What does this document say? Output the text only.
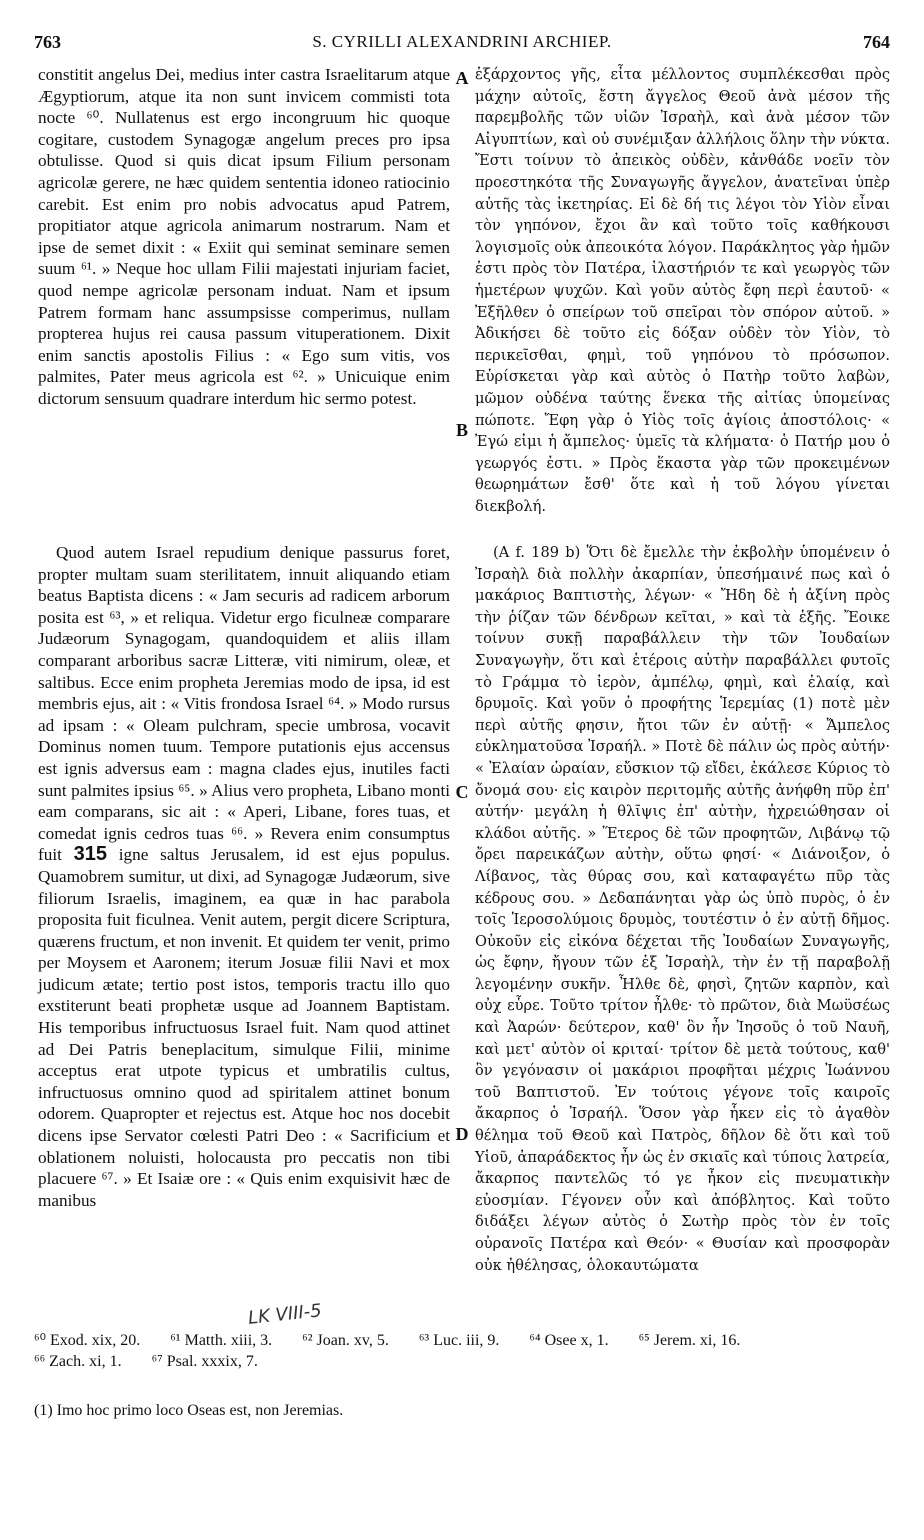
763	S. CYRILLI ALEXANDRINI ARCHIEP.	764

constitit angelus Dei, medius inter castra Israelitarum atque Ægyptiorum, atque ita non sunt invicem commisti tota nocte ⁶⁰. Nullatenus est ergo incongruum hic quoque cogitare, custodem Synagogæ angelum preces pro ipsa obtulisse. Quod si quis dicat ipsum Filium personam agricolæ gerere, ne hæc quidem sententia idoneo ratiocinio carebit. Est enim pro nobis advocatus apud Patrem, propitiator atque agricola animarum nostrarum. Nam et ipse de semet dixit : « Exiit qui seminat seminare semen suum ⁶¹. » Neque hoc ullam Filii majestati injuriam faciet, quod nempe agricolæ personam induat. Nam et ipsum Patrem formam hanc assumpsisse comperimus, nullam propterea hujus rei causa passum vituperationem. Dixit enim sanctis apostolis Filius : « Ego sum vitis, vos palmites, Pater meus agricola est ⁶². » Unicuique enim dictorum sensuum quadrare interdum hic sermo potest.

A
B
C
D

ἐξάρχοντος γῆς, εἶτα μέλλοντος συμπλέκεσθαι πρὸς μάχην αὐτοῖς, ἔστη ἄγγελος Θεοῦ ἀνὰ μέσον τῆς παρεμβολῆς τῶν υἱῶν Ἰσραὴλ, καὶ ἀνὰ μέσον τῶν Αἰγυπτίων, καὶ οὐ συνέμιξαν ἀλλήλοις ὅλην τὴν νύκτα. Ἔστι τοίνυν τὸ ἀπεικὸς οὐδὲν, κἀνθάδε νοεῖν τὸν προεστηκότα τῆς Συναγωγῆς ἄγγελον, ἀνατεῖναι ὑπὲρ αὐτῆς τὰς ἱκετηρίας. Εἰ δὲ δή τις λέγοι τὸν Υἱὸν εἶναι τὸν γηπόνον, ἔχοι ἂν καὶ τοῦτο τοῖς καθήκουσι λογισμοῖς οὐκ ἀπεοικότα λόγον. Παράκλητος γὰρ ἡμῶν ἐστι πρὸς τὸν Πατέρα, ἱλαστήριόν τε καὶ γεωργὸς τῶν ἡμετέρων ψυχῶν. Καὶ γοῦν αὐτὸς ἔφη περὶ ἑαυτοῦ· « Ἐξῆλθεν ὁ σπείρων τοῦ σπεῖραι τὸν σπόρον αὐτοῦ. » Ἀδικήσει δὲ τοῦτο εἰς δόξαν οὐδὲν τὸν Υἱὸν, τὸ περικεῖσθαι, φημὶ, τοῦ γηπόνου τὸ πρόσωπον. Εὑρίσκεται γὰρ καὶ αὐτὸς ὁ Πατὴρ τοῦτο λαβὼν, μῶμον οὐδένα ταύτης ἕνεκα τῆς αἰτίας ὑπομείνας πώποτε. Ἔφη γὰρ ὁ Υἱὸς τοῖς ἁγίοις ἀποστόλοις· « Ἐγώ εἰμι ἡ ἄμπελος· ὑμεῖς τὰ κλήματα· ὁ Πατήρ μου ὁ γεωργός ἐστι. » Πρὸς ἕκαστα γὰρ τῶν προκειμένων θεωρημάτων ἔσθ' ὅτε καὶ ἡ τοῦ λόγου γίνεται διεκβολή.

Quod autem Israel repudium denique passurus foret, propter multam suam sterilitatem, innuit aliquando etiam beatus Baptista dicens : « Jam securis ad radicem arborum posita est ⁶³, » et reliqua. Videtur ergo ficulneæ comparare Judæorum Synagogam, quandoquidem et aliis illam comparant arboribus sacræ Litteræ, viti nimirum, oleæ, et saltibus. Ecce enim propheta Jeremias modo de ipsa, id est membris ejus, ait : « Vitis frondosa Israel ⁶⁴. » Modo rursus ad ipsam : « Oleam pulchram, specie umbrosa, vocavit Dominus nomen tuum. Tempore putationis ejus accensus est ignis adversus eam : magna clades ejus, inutiles facti sunt palmites ipsius ⁶⁵. » Alius vero propheta, Libano monti eam comparans, sic ait : « Aperi, Libane, fores tuas, et comedat ignis cedros tuas ⁶⁶. » Revera enim consumptus fuit 315 igne saltus Jerusalem, id est ejus populus. Quamobrem sumitur, ut dixi, ad Synagogæ Judæorum, sive filiorum Israelis, imaginem, ea quæ in hac parabola proposita fuit ficulnea. Venit autem, pergit dicere Scriptura, quærens fructum, et non invenit. Et quidem ter venit, primo per Moysem et Aaronem; iterum Josuæ filii Navi et mox judicum ætate; tertio post istos, temporis tractu illo quo exstiterunt beati prophetæ usque ad Joannem Baptistam. His temporibus infructuosus Israel fuit. Nam quod attinet ad Dei Patris beneplacitum, simulque Filii, minime acceptus erat utpote typicus et umbratilis cultus, infructuosus omnino quod ad spiritalem attinet bonum odorem. Quapropter et rejectus est. Atque hoc nos docebit dicens ipse Servator cœlesti Patri Deo : « Sacrificium et oblationem noluisti, holocausta pro peccatis non tibi placuere ⁶⁷. » Et Isaiæ ore : « Quis enim exquisivit hæc de manibus

(A f. 189 b) Ὅτι δὲ ἔμελλε τὴν ἐκβολὴν ὑπομένειν ὁ Ἰσραὴλ διὰ πολλὴν ἀκαρπίαν, ὑπεσήμαινέ πως καὶ ὁ μακάριος Βαπτιστὴς, λέγων· « Ἤδη δὲ ἡ ἀξίνη πρὸς τὴν ῥίζαν τῶν δένδρων κεῖται, » καὶ τὰ ἑξῆς. Ἔοικε τοίνυν συκῇ παραβάλλειν τὴν τῶν Ἰουδαίων Συναγωγὴν, ὅτι καὶ ἑτέροις αὐτὴν παραβάλλει φυτοῖς τὸ Γράμμα τὸ ἱερὸν, ἀμπέλῳ, φημὶ, καὶ ἐλαίᾳ, καὶ δρυμοῖς. Καὶ γοῦν ὁ προφήτης Ἱερεμίας (1) ποτὲ μὲν περὶ αὐτῆς φησιν, ἤτοι τῶν ἐν αὐτῇ· « Ἄμπελος εὐκληματοῦσα Ἰσραήλ. » Ποτὲ δὲ πάλιν ὡς πρὸς αὐτήν· « Ἐλαίαν ὡραίαν, εὔσκιον τῷ εἴδει, ἐκάλεσε Κύριος τὸ ὄνομά σου· εἰς καιρὸν περιτομῆς αὐτῆς ἀνήφθη πῦρ ἐπ' αὐτήν· μεγάλη ἡ θλῖψις ἐπ' αὐτὴν, ἠχρειώθησαν οἱ κλάδοι αὐτῆς. » Ἕτερος δὲ τῶν προφητῶν, Λιβάνῳ τῷ ὄρει παρεικάζων αὐτὴν, οὕτω φησί· « Διάνοιξον, ὁ Λίβανος, τὰς θύρας σου, καὶ καταφαγέτω πῦρ τὰς κέδρους σου. » Δεδαπάνηται γὰρ ὡς ὑπὸ πυρὸς, ὁ ἐν τοῖς Ἱεροσολύμοις δρυμὸς, τουτέστιν ὁ ἐν αὐτῇ δῆμος. Οὐκοῦν εἰς εἰκόνα δέχεται τῆς Ἰουδαίων Συναγωγῆς, ὡς ἔφην, ἤγουν τῶν ἐξ Ἰσραὴλ, τὴν ἐν τῇ παραβολῇ λεγομένην συκῆν. Ἦλθε δὲ, φησὶ, ζητῶν καρπὸν, καὶ οὐχ εὗρε. Τοῦτο τρίτον ἦλθε· τὸ πρῶτον, διὰ Μωϋσέως καὶ Ἀαρών· δεύτερον, καθ' ὃν ἦν Ἰησοῦς ὁ τοῦ Ναυῆ, καὶ μετ' αὐτὸν οἱ κριταί· τρίτον δὲ μετὰ τούτους, καθ' ὃν γεγόνασιν οἱ μακάριοι προφῆται μέχρις Ἰωάννου τοῦ Βαπτιστοῦ. Ἐν τούτοις γέγονε τοῖς καιροῖς ἄκαρπος ὁ Ἰσραήλ. Ὅσον γὰρ ἧκεν εἰς τὸ ἀγαθὸν θέλημα τοῦ Θεοῦ καὶ Πατρὸς, δῆλον δὲ ὅτι καὶ τοῦ Υἱοῦ, ἀπαράδεκτος ἦν ὡς ἐν σκιαῖς καὶ τύποις λατρεία, ἄκαρπος παντελῶς τό γε ἧκον εἰς πνευματικὴν εὐοσμίαν. Γέγονεν οὖν καὶ ἀπόβλητος. Καὶ τοῦτο διδάξει λέγων αὐτὸς ὁ Σωτὴρ πρὸς τὸν ἐν τοῖς οὐρανοῖς Πατέρα καὶ Θεόν· « Θυσίαν καὶ προσφορὰν οὐκ ἠθέλησας, ὁλοκαυτώματα

LK VIII-5
⁶⁰ Exod. xix, 20. ⁶¹ Matth. xiii, 3. ⁶² Joan. xv, 5. ⁶³ Luc. iii, 9. ⁶⁴ Osee x, 1. ⁶⁵ Jerem. xi, 16.
⁶⁶ Zach. xi, 1. ⁶⁷ Psal. xxxix, 7.
(1) Imo hoc primo loco Oseas est, non Jeremias.
